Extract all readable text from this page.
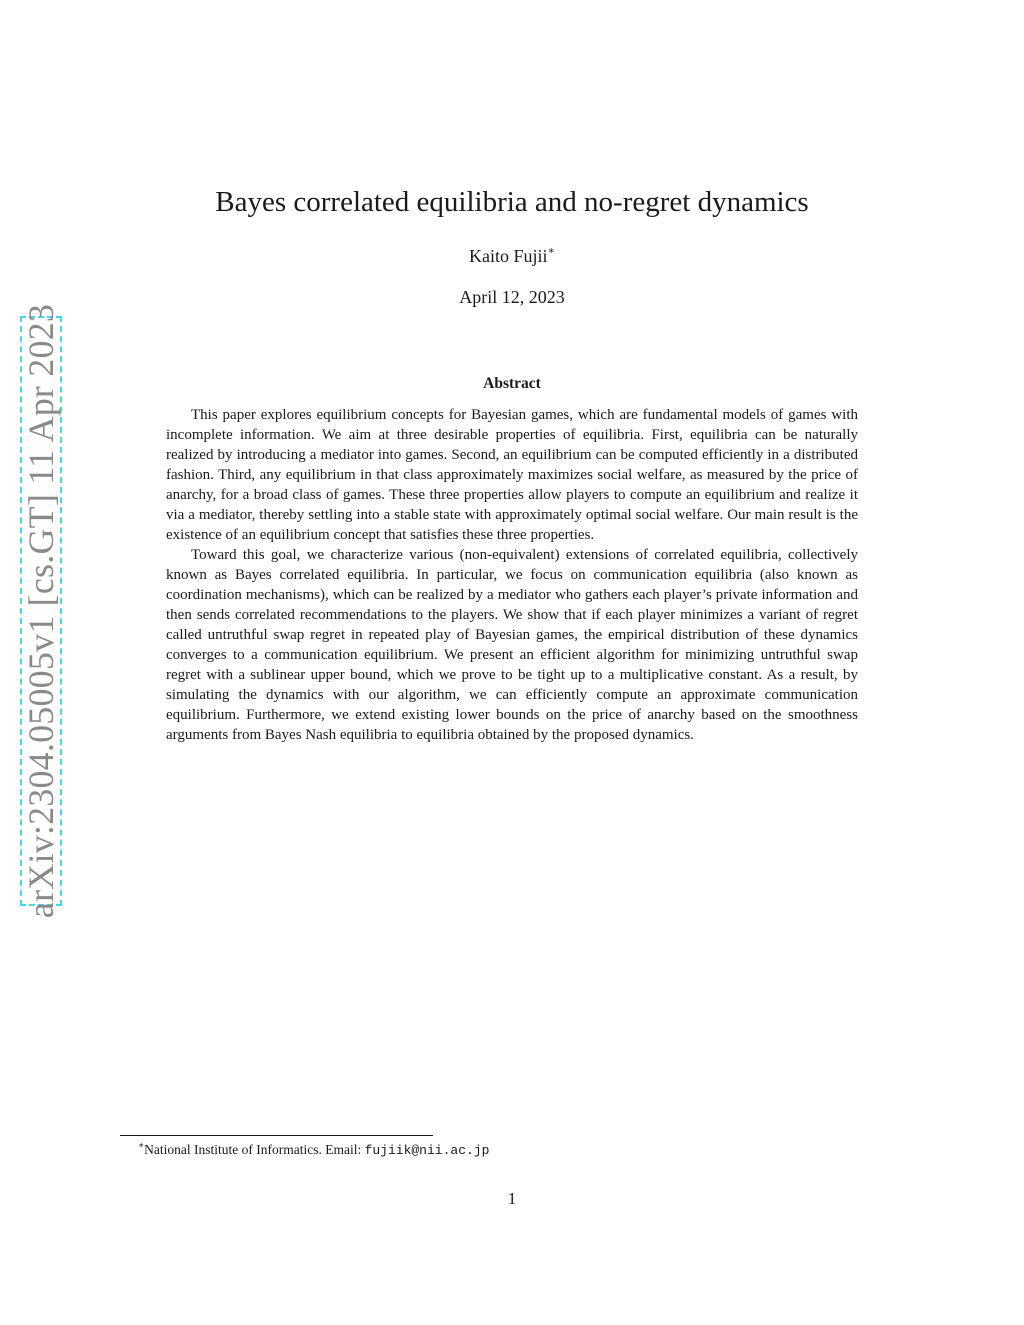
arXiv:2304.05005v1 [cs.GT] 11 Apr 2023
Bayes correlated equilibria and no-regret dynamics
Kaito Fujii∗
April 12, 2023
Abstract

This paper explores equilibrium concepts for Bayesian games, which are fundamental models of games with incomplete information. We aim at three desirable properties of equilibria. First, equilibria can be naturally realized by introducing a mediator into games. Second, an equilibrium can be computed efficiently in a distributed fashion. Third, any equilibrium in that class approximately maximizes social welfare, as measured by the price of anarchy, for a broad class of games. These three properties allow players to compute an equilibrium and realize it via a mediator, thereby settling into a stable state with approximately optimal social welfare. Our main result is the existence of an equilibrium concept that satisfies these three properties.

Toward this goal, we characterize various (non-equivalent) extensions of correlated equilibria, collectively known as Bayes correlated equilibria. In particular, we focus on communication equilibria (also known as coordination mechanisms), which can be realized by a mediator who gathers each player’s private information and then sends correlated recommendations to the players. We show that if each player minimizes a variant of regret called untruthful swap regret in repeated play of Bayesian games, the empirical distribution of these dynamics converges to a communication equilibrium. We present an efficient algorithm for minimizing untruthful swap regret with a sublinear upper bound, which we prove to be tight up to a multiplicative constant. As a result, by simulating the dynamics with our algorithm, we can efficiently compute an approximate communication equilibrium. Furthermore, we extend existing lower bounds on the price of anarchy based on the smoothness arguments from Bayes Nash equilibria to equilibria obtained by the proposed dynamics.

∗National Institute of Informatics. Email: fujiik@nii.ac.jp
1
